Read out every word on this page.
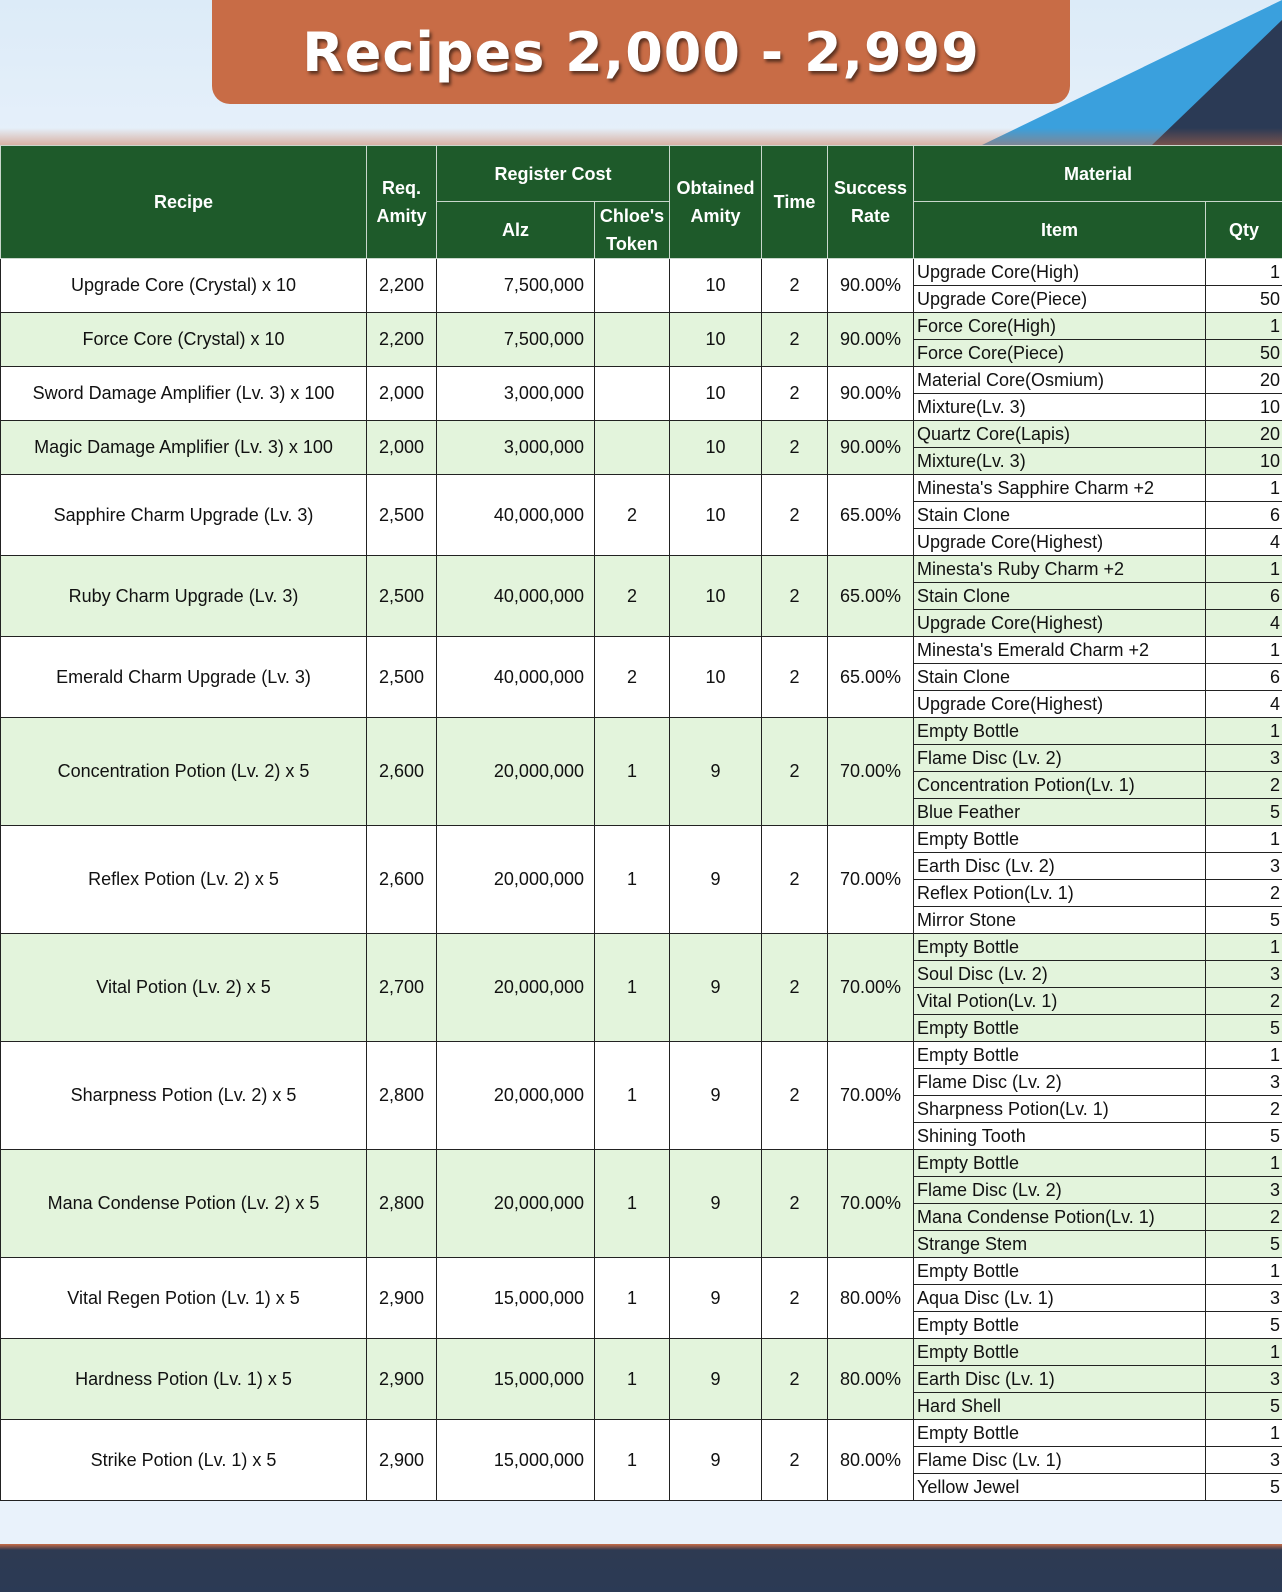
Recipes 2,000 - 2,999
Recipe	Req. Amity	Register Cost		Obtained Amity	Time	Success Rate	Material	
		Alz	Chloe's Token				Item	Qty
Upgrade Core (Crystal) x 10	2,200	7,500,000		10	2	90.00%	Upgrade Core(High)	1
							Upgrade Core(Piece)	50
Force Core (Crystal) x 10	2,200	7,500,000		10	2	90.00%	Force Core(High)	1
							Force Core(Piece)	50
Sword Damage Amplifier (Lv. 3) x 100	2,000	3,000,000		10	2	90.00%	Material Core(Osmium)	20
							Mixture(Lv. 3)	10
Magic Damage Amplifier (Lv. 3) x 100	2,000	3,000,000		10	2	90.00%	Quartz Core(Lapis)	20
							Mixture(Lv. 3)	10
Sapphire Charm Upgrade (Lv. 3)	2,500	40,000,000	2	10	2	65.00%	Minesta's Sapphire Charm +2	1
							Stain Clone	6
							Upgrade Core(Highest)	4
Ruby Charm Upgrade (Lv. 3)	2,500	40,000,000	2	10	2	65.00%	Minesta's Ruby Charm +2	1
							Stain Clone	6
							Upgrade Core(Highest)	4
Emerald Charm Upgrade (Lv. 3)	2,500	40,000,000	2	10	2	65.00%	Minesta's Emerald Charm +2	1
							Stain Clone	6
							Upgrade Core(Highest)	4
Concentration Potion (Lv. 2) x 5	2,600	20,000,000	1	9	2	70.00%	Empty Bottle	1
							Flame Disc (Lv. 2)	3
							Concentration Potion(Lv. 1)	2
							Blue Feather	5
Reflex Potion (Lv. 2) x 5	2,600	20,000,000	1	9	2	70.00%	Empty Bottle	1
							Earth Disc (Lv. 2)	3
							Reflex Potion(Lv. 1)	2
							Mirror Stone	5
Vital Potion (Lv. 2) x 5	2,700	20,000,000	1	9	2	70.00%	Empty Bottle	1
							Soul Disc (Lv. 2)	3
							Vital Potion(Lv. 1)	2
							Empty Bottle	5
Sharpness Potion (Lv. 2) x 5	2,800	20,000,000	1	9	2	70.00%	Empty Bottle	1
							Flame Disc (Lv. 2)	3
							Sharpness Potion(Lv. 1)	2
							Shining Tooth	5
Mana Condense Potion (Lv. 2) x 5	2,800	20,000,000	1	9	2	70.00%	Empty Bottle	1
							Flame Disc (Lv. 2)	3
							Mana Condense Potion(Lv. 1)	2
							Strange Stem	5
Vital Regen Potion (Lv. 1) x 5	2,900	15,000,000	1	9	2	80.00%	Empty Bottle	1
							Aqua Disc (Lv. 1)	3
							Empty Bottle	5
Hardness Potion (Lv. 1) x 5	2,900	15,000,000	1	9	2	80.00%	Empty Bottle	1
							Earth Disc (Lv. 1)	3
							Hard Shell	5
Strike Potion (Lv. 1) x 5	2,900	15,000,000	1	9	2	80.00%	Empty Bottle	1
							Flame Disc (Lv. 1)	3
							Yellow Jewel	5
